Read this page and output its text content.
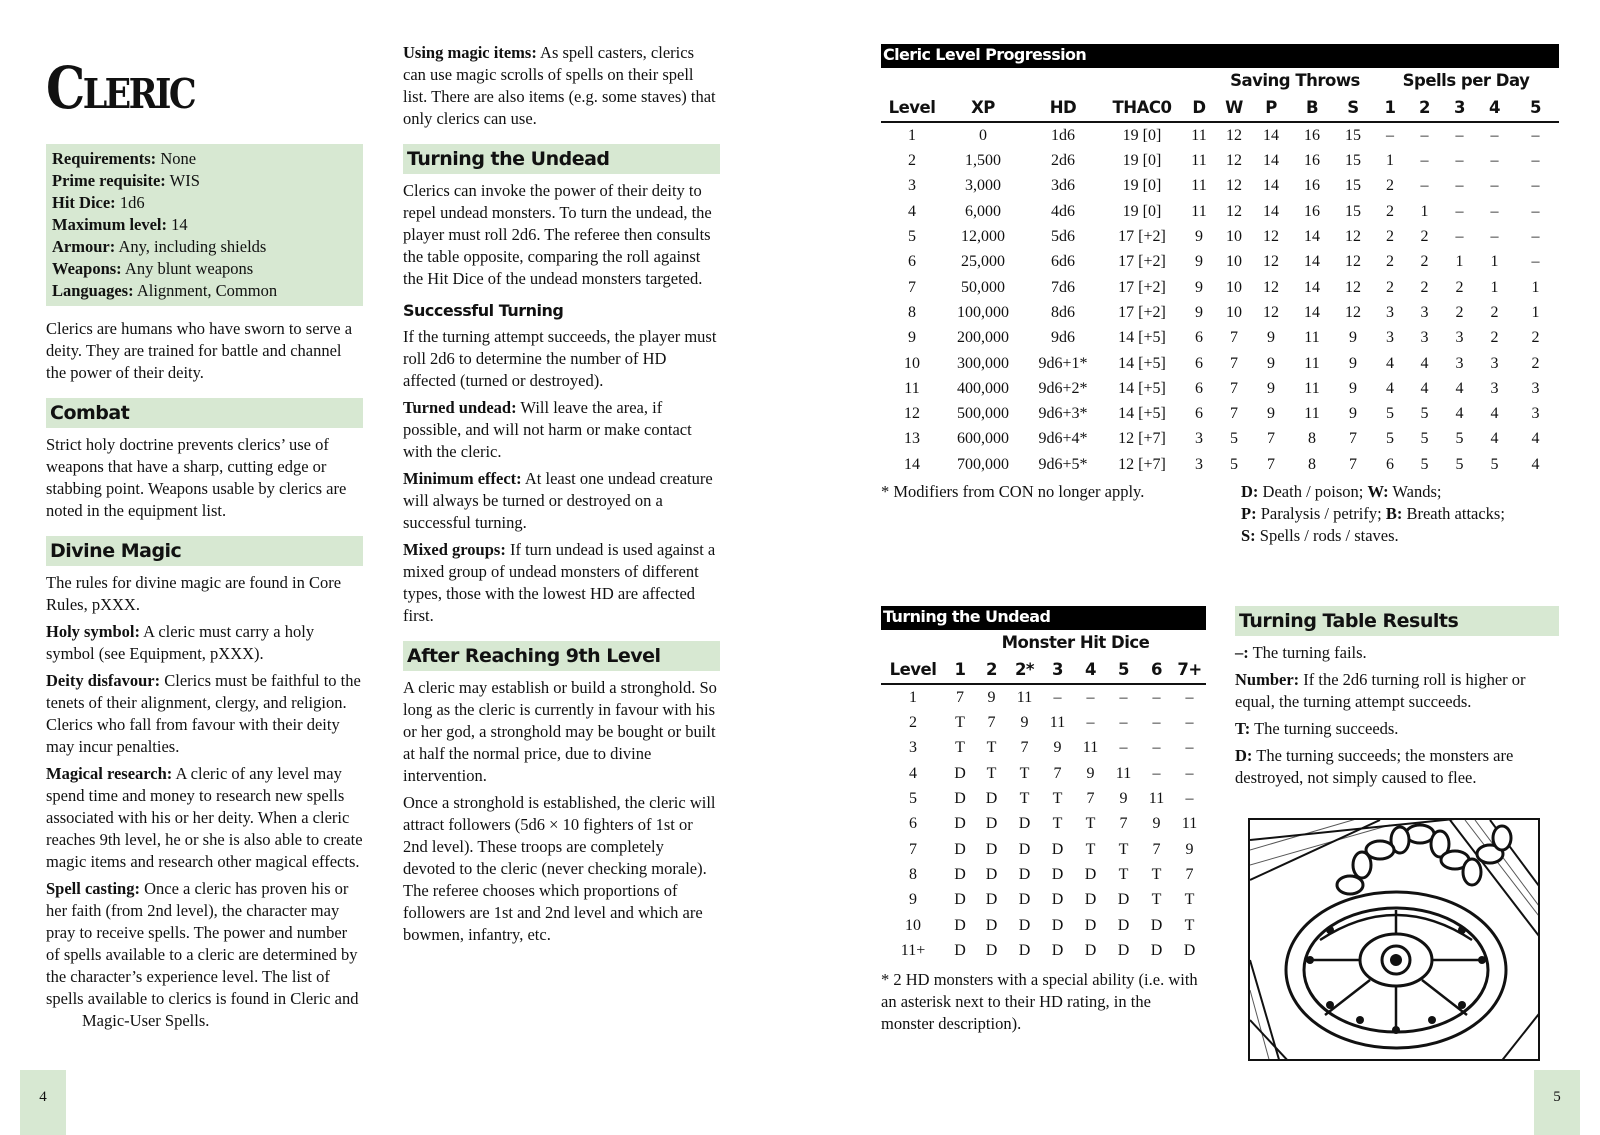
Cleric
Requirements: None
Prime requisite: WIS
Hit Dice: 1d6
Maximum level: 14
Armour: Any, including shields
Weapons: Any blunt weapons
Languages: Alignment, Common

Clerics are humans who have sworn to serve a deity. They are trained for battle and channel the power of their deity.

Combat

Strict holy doctrine prevents clerics’ use of weapons that have a sharp, cutting edge or stabbing point. Weapons usable by clerics are noted in the equipment list.

Divine Magic

The rules for divine magic are found in Core Rules, pXXX.

Holy symbol: A cleric must carry a holy symbol (see Equipment, pXXX).

Deity disfavour: Clerics must be faithful to the tenets of their alignment, clergy, and religion. Clerics who fall from favour with their deity may incur penalties.

Magical research: A cleric of any level may spend time and money to research new spells associated with his or her deity. When a cleric reaches 9th level, he or she is also able to create magic items and research other magical effects.

Spell casting: Once a cleric has proven his or her faith (from 2nd level), the character may pray to receive spells. The power and number of spells available to a cleric are determined by the character’s experience level. The list of spells available to clerics is found in Cleric and

Magic-User Spells.

Using magic items: As spell casters, clerics can use magic scrolls of spells on their spell list. There are also items (e.g. some staves) that only clerics can use.

Turning the Undead

Clerics can invoke the power of their deity to repel undead monsters. To turn the undead, the player must roll 2d6. The referee then consults the table opposite, comparing the roll against the Hit Dice of the undead monsters targeted.

Successful Turning

If the turning attempt succeeds, the player must roll 2d6 to determine the number of HD affected (turned or destroyed).

Turned undead: Will leave the area, if possible, and will not harm or make contact with the cleric.

Minimum effect: At least one undead creature will always be turned or destroyed on a successful turning.

Mixed groups: If turn undead is used against a mixed group of undead monsters of different types, those with the lowest HD are affected first.

After Reaching 9th Level

A cleric may establish or build a stronghold. So long as the cleric is currently in favour with his or her god, a stronghold may be bought or built at half the normal price, due to divine intervention.

Once a stronghold is established, the cleric will attract followers (5d6 × 10 fighters of 1st or 2nd level). These troops are completely devoted to the cleric (never checking morale). The referee chooses which proportions of followers are 1st and 2nd level and which are bowmen, infantry, etc.

Cleric Level Progression
					Saving Throws				Spells per Day				
Level	XP	HD	THAC0	D	W	P	B	S	1	2	3	4	5
1	0	1d6	19 [0]	11	12	14	16	15	–	–	–	–	–
2	1,500	2d6	19 [0]	11	12	14	16	15	1	–	–	–	–
3	3,000	3d6	19 [0]	11	12	14	16	15	2	–	–	–	–
4	6,000	4d6	19 [0]	11	12	14	16	15	2	1	–	–	–
5	12,000	5d6	17 [+2]	9	10	12	14	12	2	2	–	–	–
6	25,000	6d6	17 [+2]	9	10	12	14	12	2	2	1	1	–
7	50,000	7d6	17 [+2]	9	10	12	14	12	2	2	2	1	1
8	100,000	8d6	17 [+2]	9	10	12	14	12	3	3	2	2	1
9	200,000	9d6	14 [+5]	6	7	9	11	9	3	3	3	2	2
10	300,000	9d6+1*	14 [+5]	6	7	9	11	9	4	4	3	3	2
11	400,000	9d6+2*	14 [+5]	6	7	9	11	9	4	4	4	3	3
12	500,000	9d6+3*	14 [+5]	6	7	9	11	9	5	5	4	4	3
13	600,000	9d6+4*	12 [+7]	3	5	7	8	7	5	5	5	4	4
14	700,000	9d6+5*	12 [+7]	3	5	7	8	7	6	5	5	5	4
* Modifiers from CON no longer apply.	D: Death / poison; W: Wands;
P: Paralysis / petrify; B: Breath attacks;
S: Spells / rods / staves.
Turning the Undead
	Monster Hit Dice							
Level	1	2	2*	3	4	5	6	7+
1	7	9	11	–	–	–	–	–
2	T	7	9	11	–	–	–	–
3	T	T	7	9	11	–	–	–
4	D	T	T	7	9	11	–	–
5	D	D	T	T	7	9	11	–
6	D	D	D	T	T	7	9	11
7	D	D	D	D	T	T	7	9
8	D	D	D	D	D	T	T	7
9	D	D	D	D	D	D	T	T
10	D	D	D	D	D	D	D	T
11+	D	D	D	D	D	D	D	D
* 2 HD monsters with a special ability (i.e. with an asterisk next to their HD rating, in the monster description).
Turning Table Results

–: The turning fails.

Number: If the 2d6 turning roll is higher or equal, the turning attempt succeeds.

T: The turning succeeds.

D: The turning succeeds; the monsters are destroyed, not simply caused to flee.

4	5
